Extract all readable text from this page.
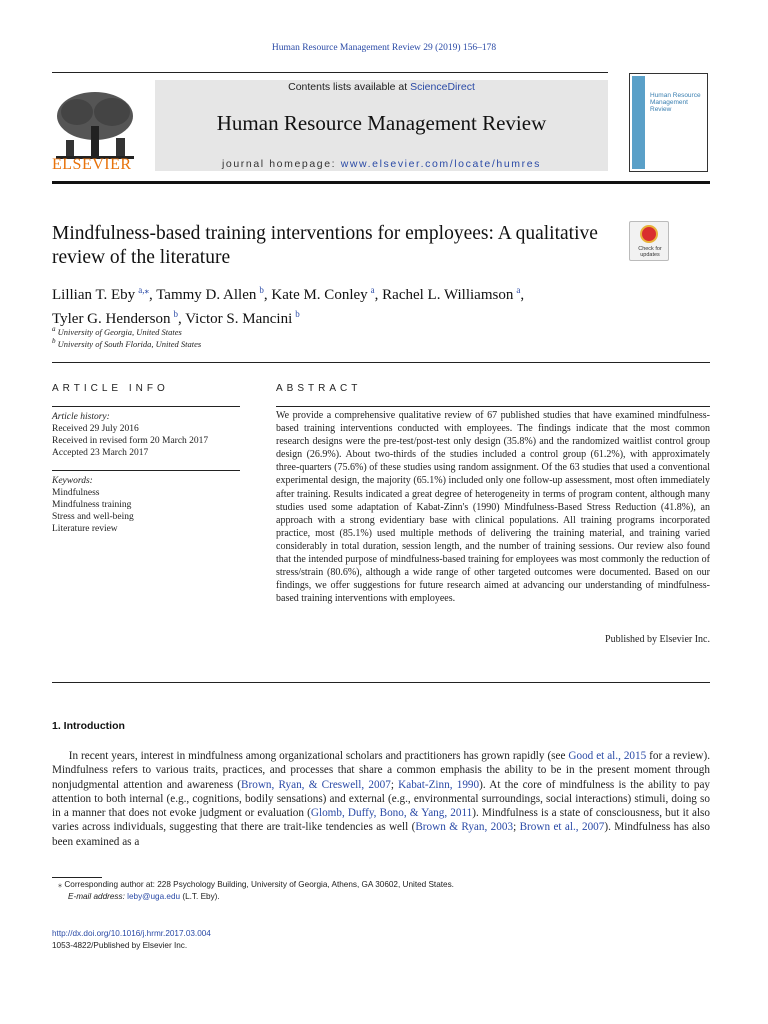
Human Resource Management Review 29 (2019) 156–178
ELSEVIER
Contents lists available at ScienceDirect
Human Resource Management Review
journal homepage: www.elsevier.com/locate/humres
Human Resource Management Review
Mindfulness-based training interventions for employees: A qualitative review of the literature	Check for updates
Lillian T. Eby  $^{a,⁎}$, Tammy D. Allen  $^b$, Kate M. Conley  $^a$, Rachel L. Williamson  $^a$,
Tyler G. Henderson  $^b$, Victor S. Mancini  $^b$
$^a$ University of Georgia, United States
$^b$ University of South Florida, United States
ARTICLE INFO
Article history:
Received 29 July 2016
Received in revised form 20 March 2017
Accepted 23 March 2017
Keywords:
Mindfulness
Mindfulness training
Stress and well-being
Literature review
ABSTRACT
We provide a comprehensive qualitative review of 67 published studies that have examined mindfulness-based training interventions conducted with employees. The findings indicate that the most common research designs were the pre-test/post-test only design (35.8%) and the randomized waitlist control group design (26.9%). About two-thirds of the studies included a control group (61.2%), with approximately three-quarters (75.6%) of these studies using random assignment. Of the 63 studies that used a conventional experimental design, the majority (65.1%) included only one follow-up assessment, most often immediately after training. Results indicated a great degree of heterogeneity in terms of program content, although many studies used some adaptation of Kabat-Zinn's (1990) Mindfulness-Based Stress Reduction (41.8%), an approach with a strong evidentiary base with clinical populations. All training programs incorporated practice, most (85.1%) used multiple methods of delivering the training material, and training varied considerably in total duration, session length, and the number of training sessions. Our review also found that the intended purpose of mindfulness-based training for employees was most commonly the reduction of stress/strain (80.6%), although a wide range of other targeted outcomes were documented. Based on our findings, we offer suggestions for future research aimed at advancing our understanding of mindfulness-based training interventions with employees.
Published by Elsevier Inc.
1. Introduction
  In recent years, interest in mindfulness among organizational scholars and practitioners has grown rapidly (see Good et al., 2015 for a review). Mindfulness refers to various traits, practices, and processes that share a common emphasis the ability to be in the present moment through nonjudgmental attention and awareness (Brown, Ryan, & Creswell, 2007; Kabat-Zinn, 1990). At the core of mindfulness is the ability to pay attention to both internal (e.g., cognitions, bodily sensations) and external (e.g., environmental surroundings, social interactions) stimuli, doing so in a manner that does not evoke judgment or evaluation (Glomb, Duffy, Bono, & Yang, 2011). Mindfulness is a state of consciousness, but it also varies across individuals, suggesting that there are trait-like tendencies as well (Brown & Ryan, 2003; Brown et al., 2007). Mindfulness has also been examined as a
⁎ Corresponding author at: 228 Psychology Building, University of Georgia, Athens, GA 30602, United States.
E-mail address: leby@uga.edu (L.T. Eby).
http://dx.doi.org/10.1016/j.hrmr.2017.03.004
1053-4822/Published by Elsevier Inc.
